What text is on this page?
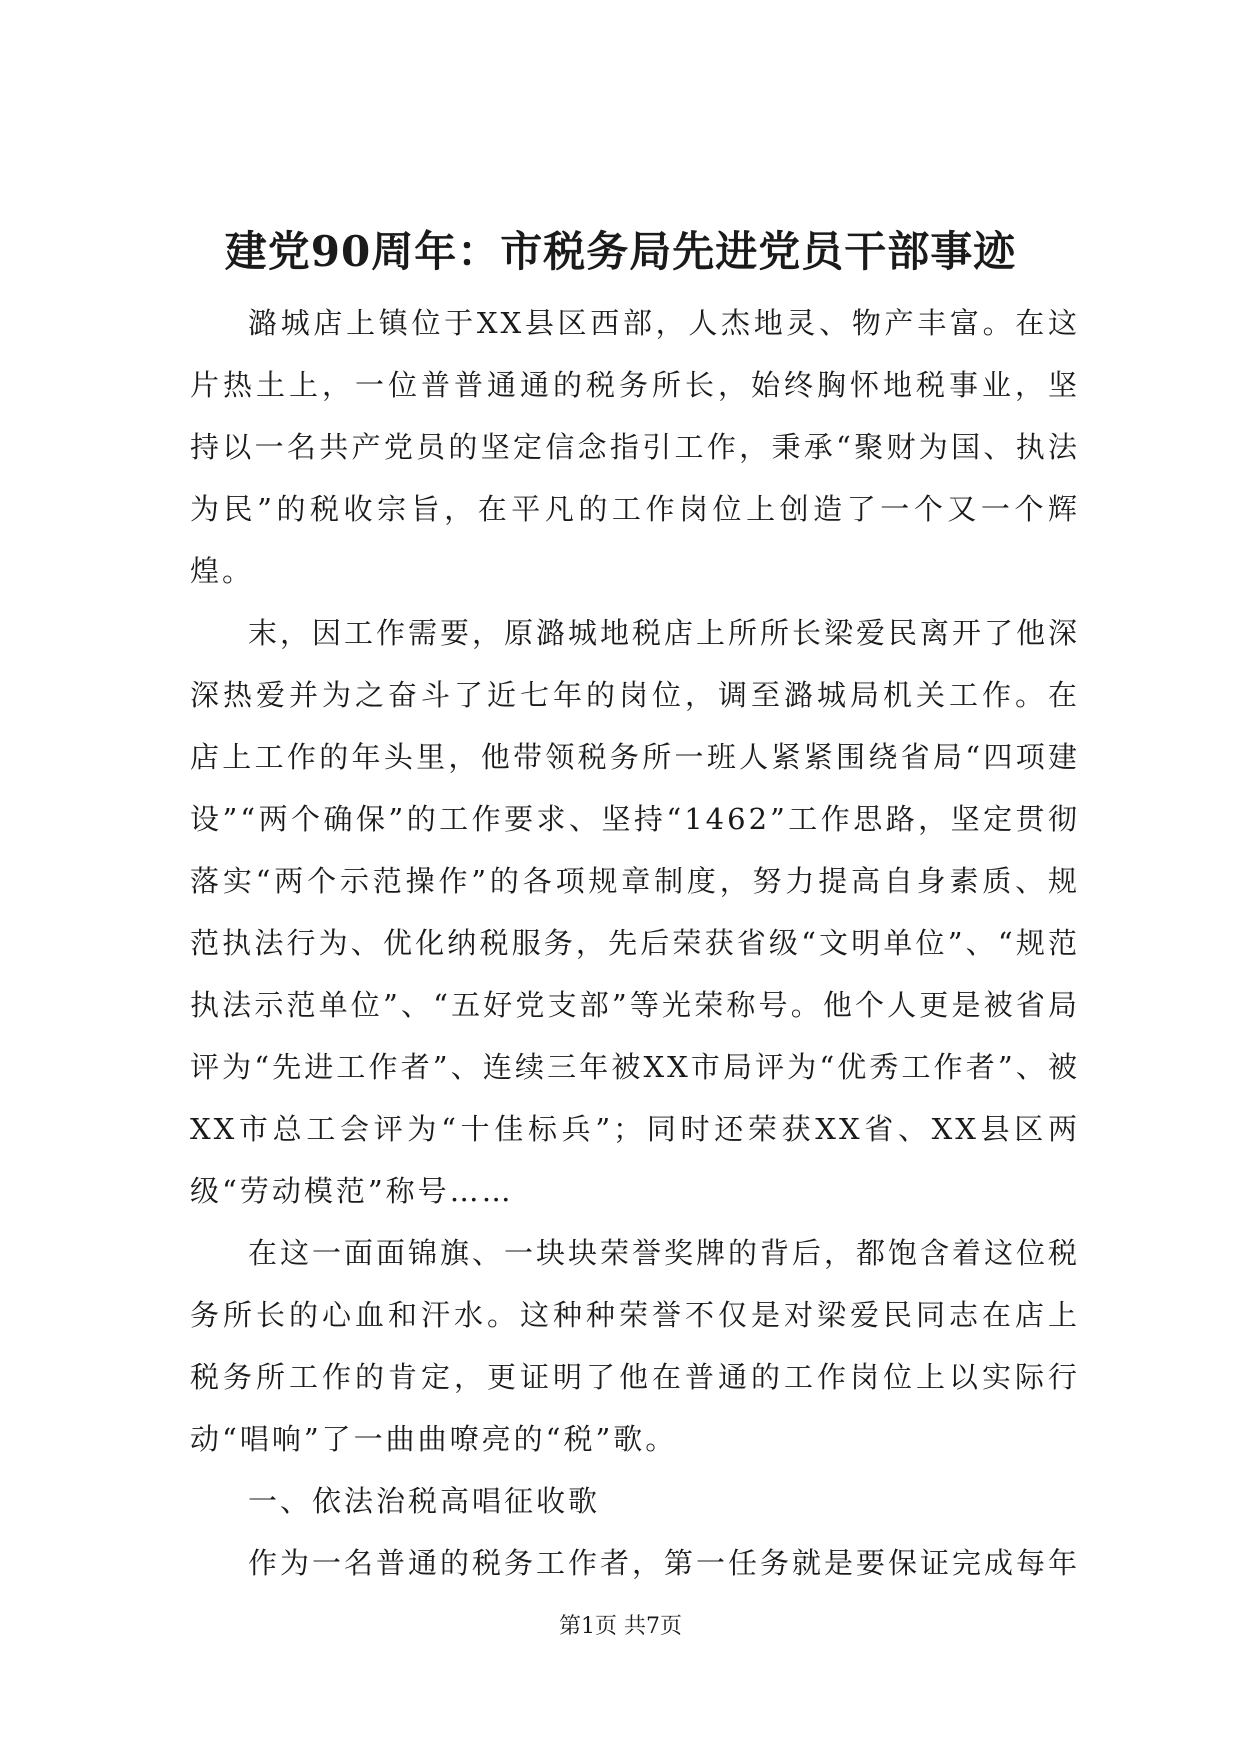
建党90周年：市税务局先进党员干部事迹

潞城店上镇位于XX县区西部，人杰地灵、物产丰富。在这片热土上，一位普普通通的税务所长，始终胸怀地税事业，坚持以一名共产党员的坚定信念指引工作，秉承“聚财为国、执法为民”的税收宗旨，在平凡的工作岗位上创造了一个又一个辉煌。

末，因工作需要，原潞城地税店上所所长梁爱民离开了他深深热爱并为之奋斗了近七年的岗位，调至潞城局机关工作。在店上工作的年头里，他带领税务所一班人紧紧围绕省局“四项建设”“两个确保”的工作要求、坚持“1462”工作思路，坚定贯彻落实“两个示范操作”的各项规章制度，努力提高自身素质、规范执法行为、优化纳税服务，先后荣获省级“文明单位”、“规范执法示范单位”、“五好党支部”等光荣称号。他个人更是被省局评为“先进工作者”、连续三年被XX市局评为“优秀工作者”、被XX市总工会评为“十佳标兵”；同时还荣获XX省、XX县区两级“劳动模范”称号……

在这一面面锦旗、一块块荣誉奖牌的背后，都饱含着这位税务所长的心血和汗水。这种种荣誉不仅是对梁爱民同志在店上税务所工作的肯定，更证明了他在普通的工作岗位上以实际行动“唱响”了一曲曲嘹亮的“税”歌。

一、依法治税高唱征收歌

作为一名普通的税务工作者，第一任务就是要保证完成每年

第1页 共7页
